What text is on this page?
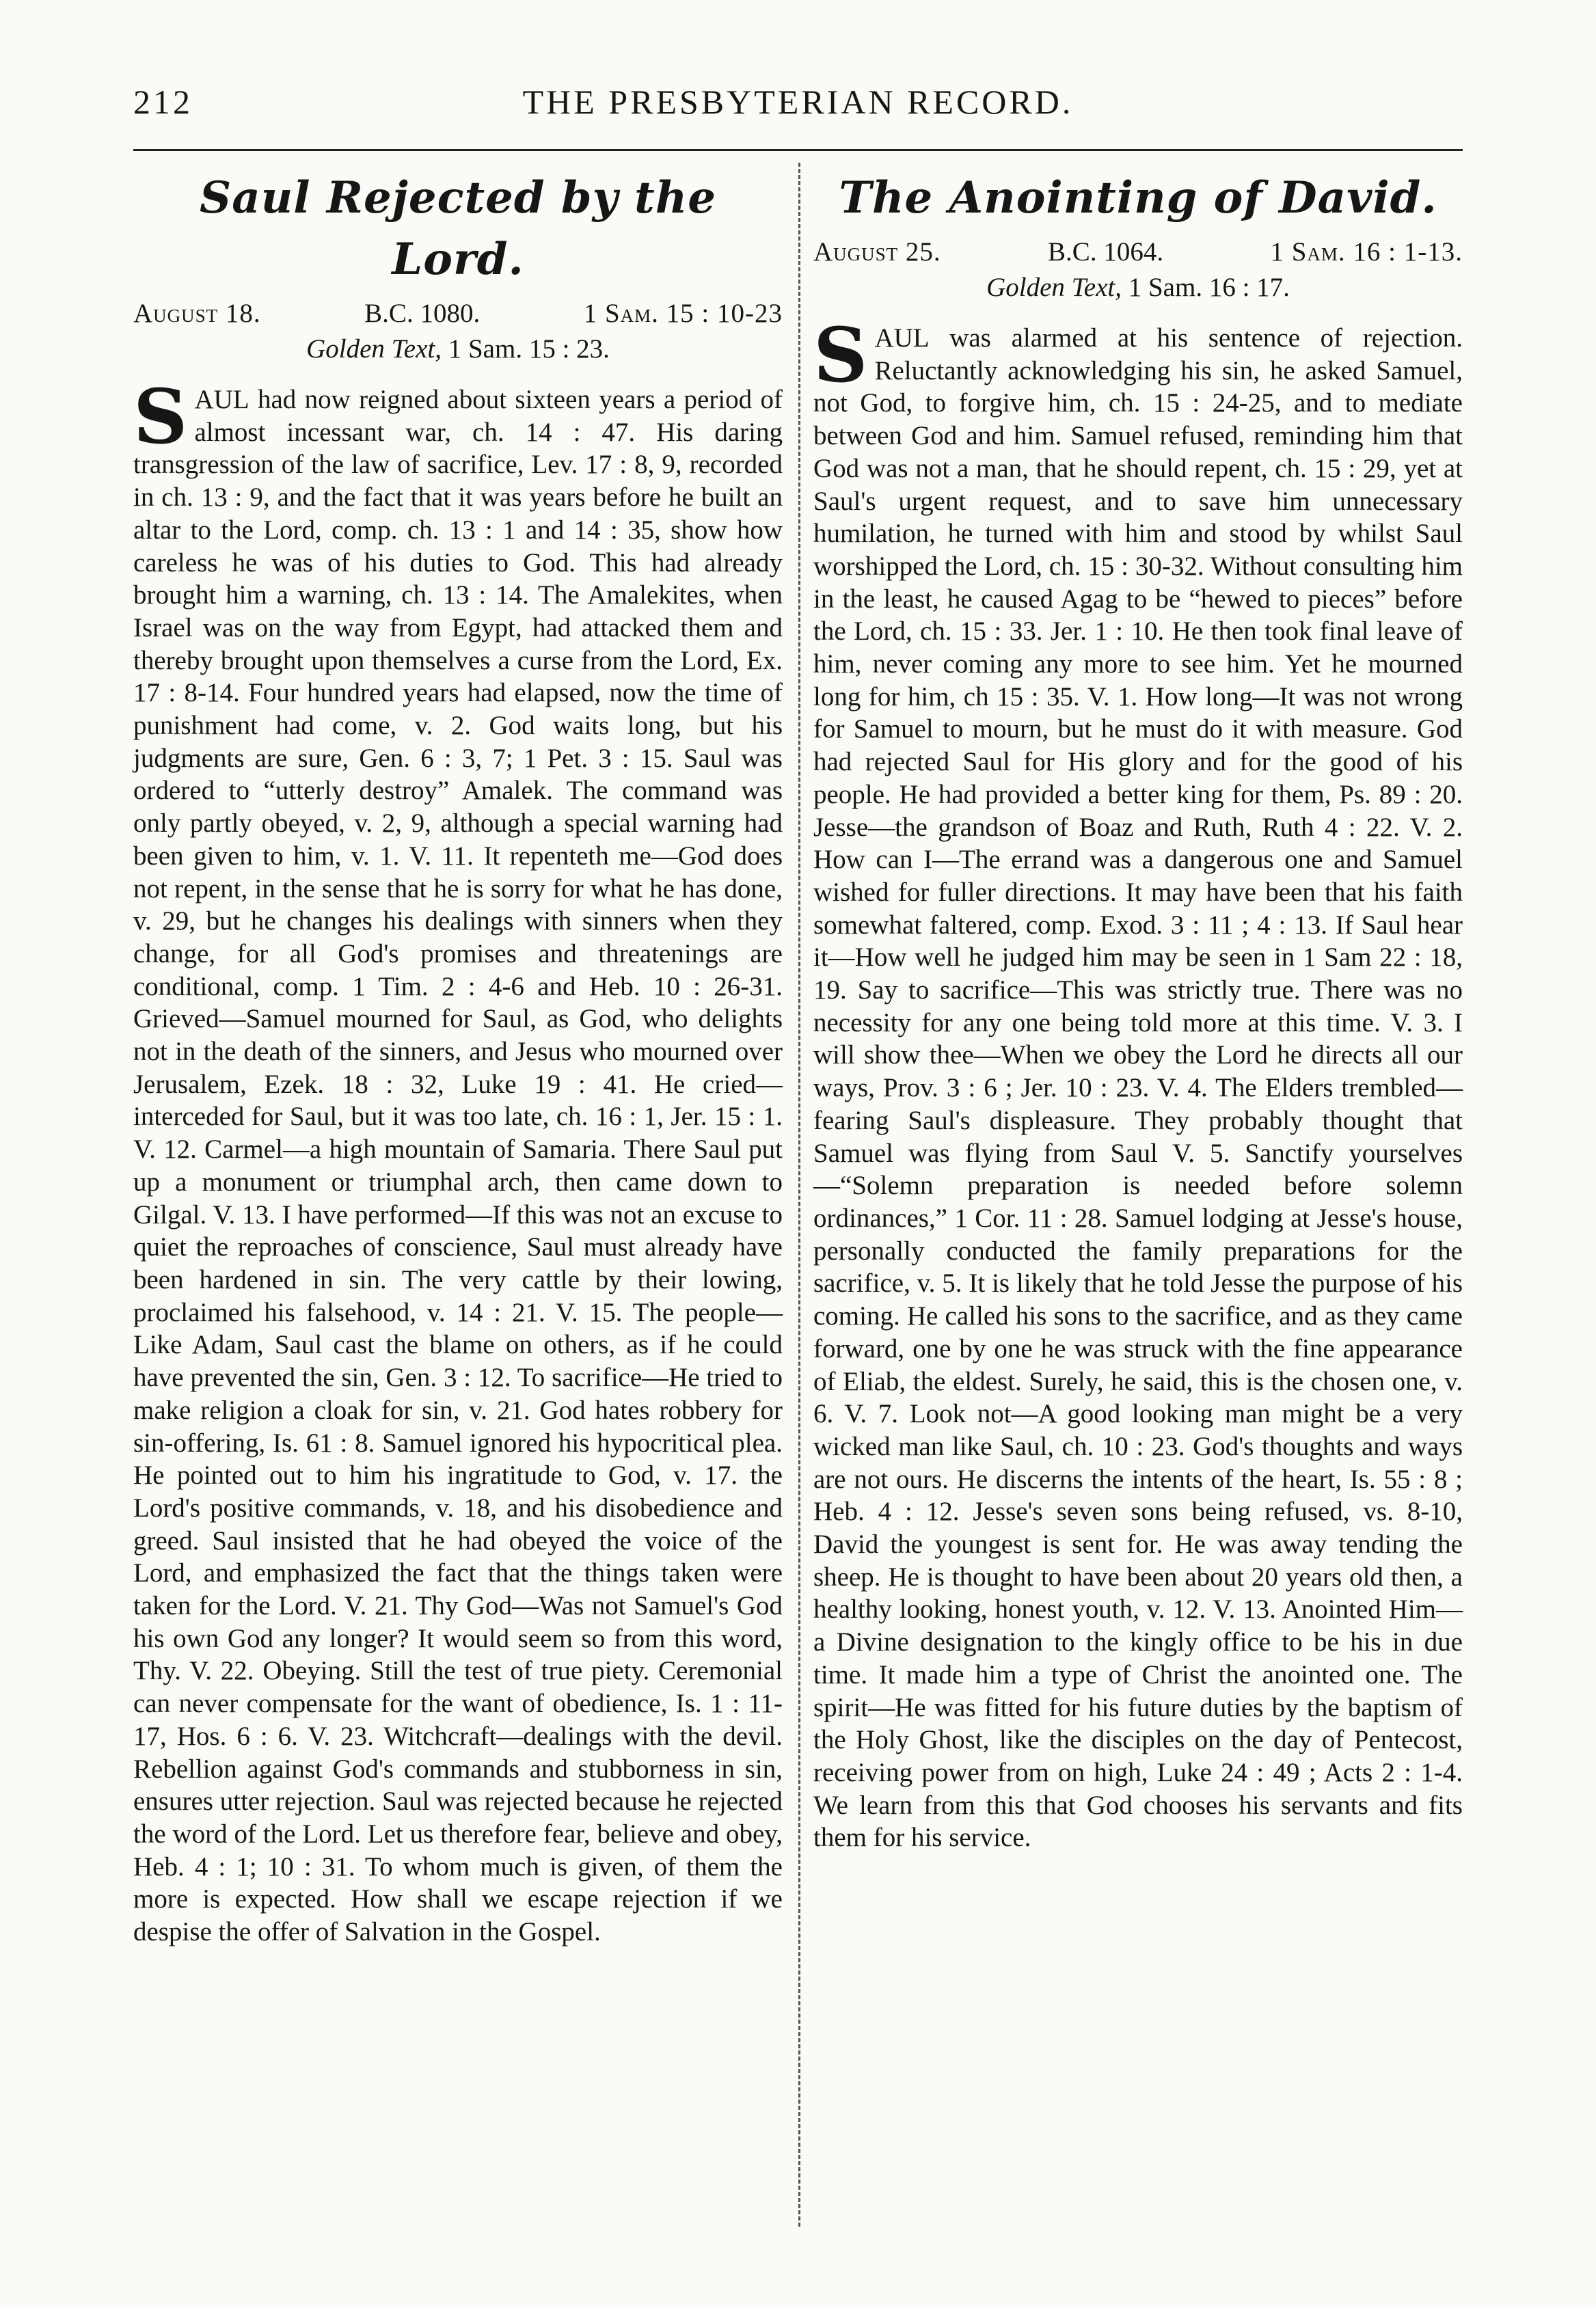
212	THE PRESBYTERIAN RECORD.
Saul Rejected by the Lord.
August 18.	B.C. 1080.	1 Sam. 15 : 10-23
Golden Text, 1 Sam. 15 : 23.

SAUL had now reigned about sixteen years a period of almost incessant war, ch. 14 : 47. His daring transgression of the law of sacrifice, Lev. 17 : 8, 9, recorded in ch. 13 : 9, and the fact that it was years before he built an altar to the Lord, comp. ch. 13 : 1 and 14 : 35, show how careless he was of his duties to God. This had already brought him a warning, ch. 13 : 14. The Amalekites, when Israel was on the way from Egypt, had attacked them and thereby brought upon themselves a curse from the Lord, Ex. 17 : 8-14. Four hundred years had elapsed, now the time of punishment had come, v. 2. God waits long, but his judgments are sure, Gen. 6 : 3, 7; 1 Pet. 3 : 15. Saul was ordered to “utterly destroy” Amalek. The command was only partly obeyed, v. 2, 9, although a special warning had been given to him, v. 1. V. 11. It repenteth me—God does not repent, in the sense that he is sorry for what he has done, v. 29, but he changes his dealings with sinners when they change, for all God's promises and threatenings are conditional, comp. 1 Tim. 2 : 4-6 and Heb. 10 : 26-31. Grieved—Samuel mourned for Saul, as God, who delights not in the death of the sinners, and Jesus who mourned over Jerusalem, Ezek. 18 : 32, Luke 19 : 41. He cried—interceded for Saul, but it was too late, ch. 16 : 1, Jer. 15 : 1. V. 12. Carmel—a high mountain of Samaria. There Saul put up a monument or triumphal arch, then came down to Gilgal. V. 13. I have performed—If this was not an excuse to quiet the reproaches of conscience, Saul must already have been hardened in sin. The very cattle by their lowing, proclaimed his falsehood, v. 14 : 21. V. 15. The people—Like Adam, Saul cast the blame on others, as if he could have prevented the sin, Gen. 3 : 12. To sacrifice—He tried to make religion a cloak for sin, v. 21. God hates robbery for sin-offering, Is. 61 : 8. Samuel ignored his hypocritical plea. He pointed out to him his ingratitude to God, v. 17. the Lord's positive commands, v. 18, and his disobedience and greed. Saul insisted that he had obeyed the voice of the Lord, and emphasized the fact that the things taken were taken for the Lord. V. 21. Thy God—Was not Samuel's God his own God any longer? It would seem so from this word, Thy. V. 22. Obeying. Still the test of true piety. Ceremonial can never compensate for the want of obedience, Is. 1 : 11-17, Hos. 6 : 6. V. 23. Witchcraft—dealings with the devil. Rebellion against God's commands and stubborness in sin, ensures utter rejection. Saul was rejected because he rejected the word of the Lord. Let us therefore fear, believe and obey, Heb. 4 : 1; 10 : 31. To whom much is given, of them the more is expected. How shall we escape rejection if we despise the offer of Salvation in the Gospel.

The Anointing of David.
August 25.	B.C. 1064.	1 Sam. 16 : 1-13.
Golden Text, 1 Sam. 16 : 17.

SAUL was alarmed at his sentence of rejection. Reluctantly acknowledging his sin, he asked Samuel, not God, to forgive him, ch. 15 : 24-25, and to mediate between God and him. Samuel refused, reminding him that God was not a man, that he should repent, ch. 15 : 29, yet at Saul's urgent request, and to save him unnecessary humilation, he turned with him and stood by whilst Saul worshipped the Lord, ch. 15 : 30-32. Without consulting him in the least, he caused Agag to be “hewed to pieces” before the Lord, ch. 15 : 33. Jer. 1 : 10. He then took final leave of him, never coming any more to see him. Yet he mourned long for him, ch 15 : 35. V. 1. How long—It was not wrong for Samuel to mourn, but he must do it with measure. God had rejected Saul for His glory and for the good of his people. He had provided a better king for them, Ps. 89 : 20. Jesse—the grandson of Boaz and Ruth, Ruth 4 : 22. V. 2. How can I—The errand was a dangerous one and Samuel wished for fuller directions. It may have been that his faith somewhat faltered, comp. Exod. 3 : 11 ; 4 : 13. If Saul hear it—How well he judged him may be seen in 1 Sam 22 : 18, 19. Say to sacrifice—This was strictly true. There was no necessity for any one being told more at this time. V. 3. I will show thee—When we obey the Lord he directs all our ways, Prov. 3 : 6 ; Jer. 10 : 23. V. 4. The Elders trembled—fearing Saul's displeasure. They probably thought that Samuel was flying from Saul V. 5. Sanctify yourselves—“Solemn preparation is needed before solemn ordinances,” 1 Cor. 11 : 28. Samuel lodging at Jesse's house, personally conducted the family preparations for the sacrifice, v. 5. It is likely that he told Jesse the purpose of his coming. He called his sons to the sacrifice, and as they came forward, one by one he was struck with the fine appearance of Eliab, the eldest. Surely, he said, this is the chosen one, v. 6. V. 7. Look not—A good looking man might be a very wicked man like Saul, ch. 10 : 23. God's thoughts and ways are not ours. He discerns the intents of the heart, Is. 55 : 8 ; Heb. 4 : 12. Jesse's seven sons being refused, vs. 8-10, David the youngest is sent for. He was away tending the sheep. He is thought to have been about 20 years old then, a healthy looking, honest youth, v. 12. V. 13. Anointed Him—a Divine designation to the kingly office to be his in due time. It made him a type of Christ the anointed one. The spirit—He was fitted for his future duties by the baptism of the Holy Ghost, like the disciples on the day of Pentecost, receiving power from on high, Luke 24 : 49 ; Acts 2 : 1-4. We learn from this that God chooses his servants and fits them for his service.
